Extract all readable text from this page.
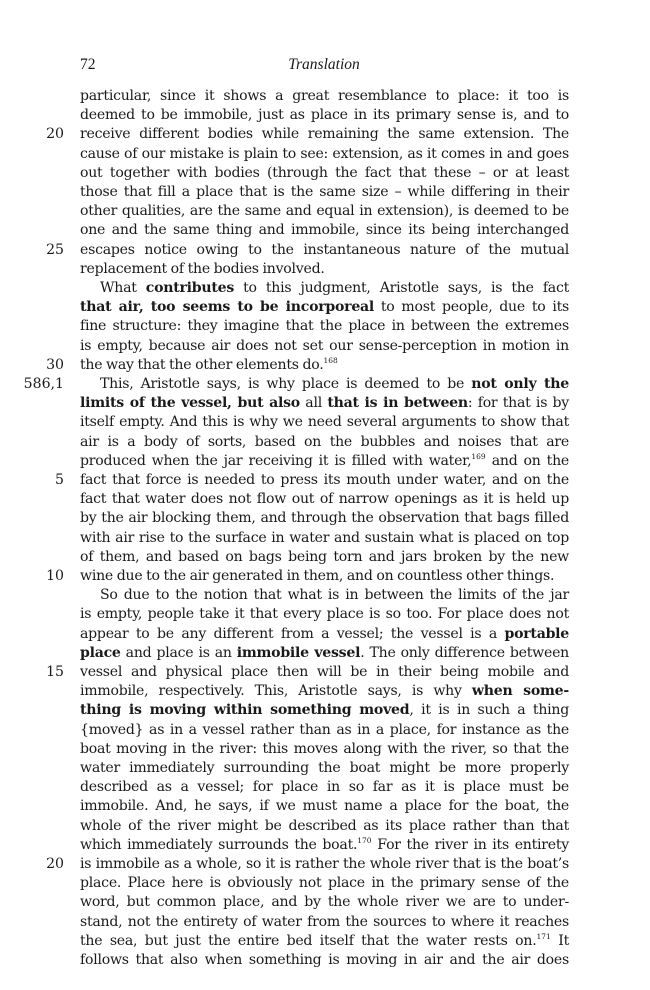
72	Translation
20
25
30
586,1
5
10
15
20
particular, since it shows a great resemblance to place: it too is
deemed to be immobile, just as place in its primary sense is, and to
receive different bodies while remaining the same extension. The
cause of our mistake is plain to see: extension, as it comes in and goes
out together with bodies (through the fact that these – or at least
those that fill a place that is the same size – while differing in their
other qualities, are the same and equal in extension), is deemed to be
one and the same thing and immobile, since its being interchanged
escapes notice owing to the instantaneous nature of the mutual
replacement of the bodies involved.
What contributes to this judgment, Aristotle says, is the fact
that air, too seems to be incorporeal to most people, due to its
fine structure: they imagine that the place in between the extremes
is empty, because air does not set our sense-perception in motion in
the way that the other elements do.$^{168}$
This, Aristotle says, is why place is deemed to be not only the
limits of the vessel, but also all that is in between: for that is by
itself empty. And this is why we need several arguments to show that
air is a body of sorts, based on the bubbles and noises that are
produced when the jar receiving it is filled with water,$^{169}$ and on the
fact that force is needed to press its mouth under water, and on the
fact that water does not flow out of narrow openings as it is held up
by the air blocking them, and through the observation that bags filled
with air rise to the surface in water and sustain what is placed on top
of them, and based on bags being torn and jars broken by the new
wine due to the air generated in them, and on countless other things.
So due to the notion that what is in between the limits of the jar
is empty, people take it that every place is so too. For place does not
appear to be any different from a vessel; the vessel is a portable
place and place is an immobile vessel. The only difference between
vessel and physical place then will be in their being mobile and
immobile, respectively. This, Aristotle says, is why when some-
thing is moving within something moved, it is in such a thing
{moved} as in a vessel rather than as in a place, for instance as the
boat moving in the river: this moves along with the river, so that the
water immediately surrounding the boat might be more properly
described as a vessel; for place in so far as it is place must be
immobile. And, he says, if we must name a place for the boat, the
whole of the river might be described as its place rather than that
which immediately surrounds the boat.$^{170}$ For the river in its entirety
is immobile as a whole, so it is rather the whole river that is the boat’s
place. Place here is obviously not place in the primary sense of the
word, but common place, and by the whole river we are to under-
stand, not the entirety of water from the sources to where it reaches
the sea, but just the entire bed itself that the water rests on.$^{171}$ It
follows that also when something is moving in air and the air does
